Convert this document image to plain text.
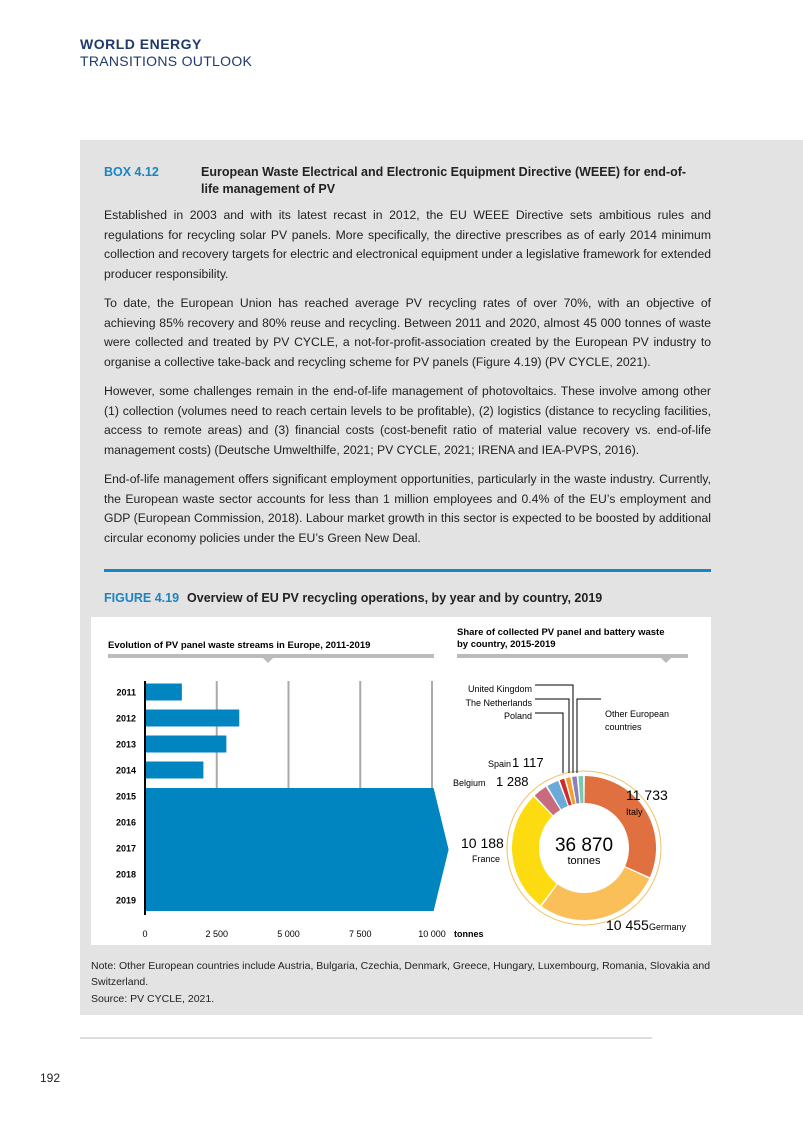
WORLD ENERGY
TRANSITIONS OUTLOOK
BOX 4.12	European Waste Electrical and Electronic Equipment Directive (WEEE) for end-of-life management of PV
Established in 2003 and with its latest recast in 2012, the EU WEEE Directive sets ambitious rules and regulations for recycling solar PV panels. More specifically, the directive prescribes as of early 2014 minimum collection and recovery targets for electric and electronical equipment under a legislative framework for extended producer responsibility.
To date, the European Union has reached average PV recycling rates of over 70%, with an objective of achieving 85% recovery and 80% reuse and recycling. Between 2011 and 2020, almost 45 000 tonnes of waste were collected and treated by PV CYCLE, a not-for-profit-association created by the European PV industry to organise a collective take-back and recycling scheme for PV panels (Figure 4.19) (PV CYCLE, 2021).
However, some challenges remain in the end-of-life management of photovoltaics. These involve among other (1) collection (volumes need to reach certain levels to be profitable), (2) logistics (distance to recycling facilities, access to remote areas) and (3) financial costs (cost-benefit ratio of material value recovery vs. end-of-life management costs) (Deutsche Umwelthilfe, 2021; PV CYCLE, 2021; IRENA and IEA-PVPS, 2016).
End-of-life management offers significant employment opportunities, particularly in the waste industry. Currently, the European waste sector accounts for less than 1 million employees and 0.4% of the EU’s employment and GDP (European Commission, 2018). Labour market growth in this sector is expected to be boosted by additional circular economy policies under the EU’s Green New Deal.
FIGURE 4.19 Overview of EU PV recycling operations, by year and by country, 2019
Evolution of PV panel waste streams in Europe, 2011-2019
Share of collected PV panel and battery waste
by country, 2015-2019
0	2 500	5 000	7 500	10 000 tonnes
2011
2012
2013
2014
2015
2016
2017
2018
2019
36 870
tonnes
11 733
Italy
10 455 Germany
10 188
France
Belgium 1 288
Spain 1 117
The Netherlands
Poland
United Kingdom
Other European
countries
Note: Other European countries include Austria, Bulgaria, Czechia, Denmark, Greece, Hungary, Luxembourg, Romania, Slovakia and Switzerland.
Source: PV CYCLE, 2021.
192
